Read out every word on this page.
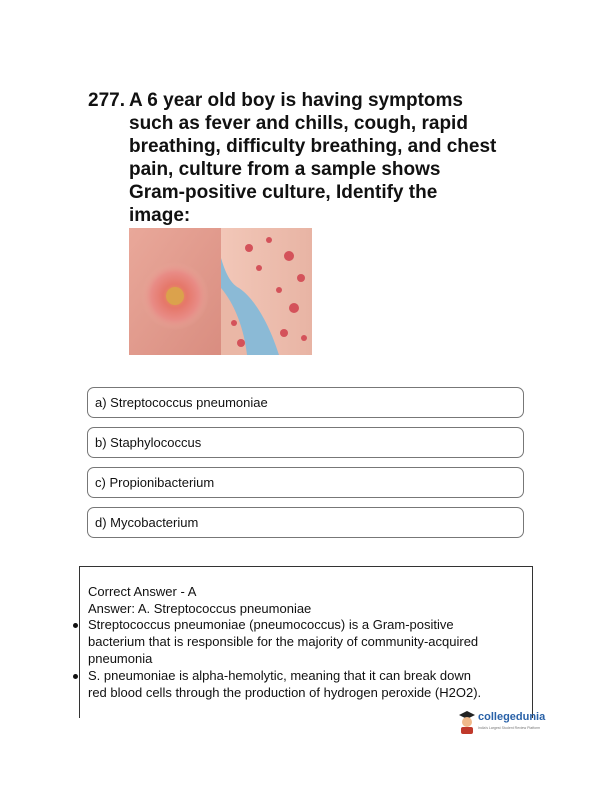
277. A 6 year old boy is having symptoms
such as fever and chills, cough, rapid
breathing, difficulty breathing, and chest
pain, culture from a sample shows
Gram-positive culture, Identify the
image:
a) Streptococcus pneumoniae
b) Staphylococcus
c) Propionibacterium
d) Mycobacterium
Correct Answer - A
Answer: A. Streptococcus pneumoniae
Streptococcus pneumoniae (pneumococcus) is a Gram-positive
bacterium that is responsible for the majority of community-acquired
pneumonia
S. pneumoniae is alpha-hemolytic, meaning that it can break down
red blood cells through the production of hydrogen peroxide (H2O2).
collegedunia
India's Largest Student Review Platform
